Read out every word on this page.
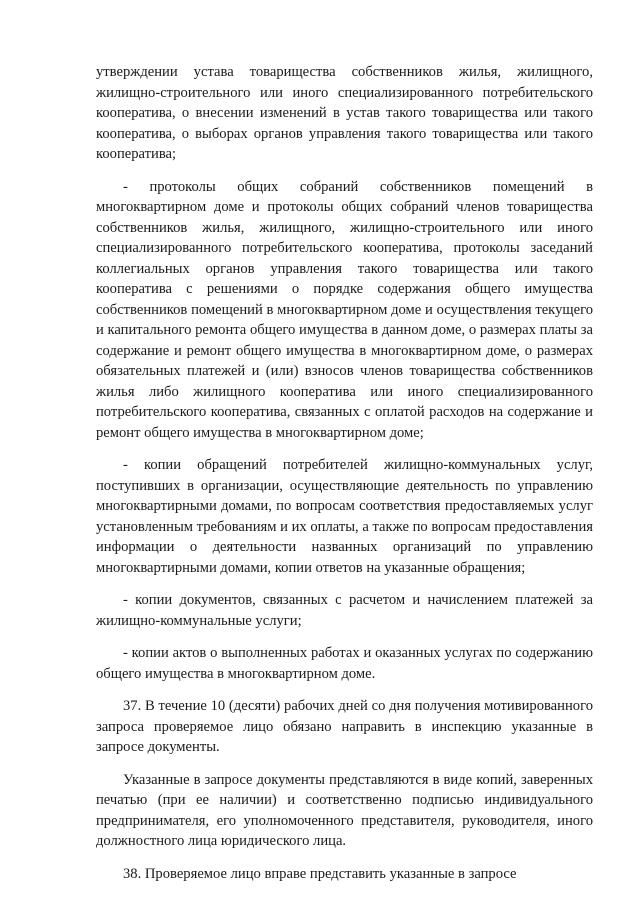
утверждении устава товарищества собственников жилья, жилищного, жилищно-строительного или иного специализированного потребительского кооператива, о внесении изменений в устав такого товарищества или такого кооператива, о выборах органов управления такого товарищества или такого кооператива;

- протоколы общих собраний собственников помещений в многоквартирном доме и протоколы общих собраний членов товарищества собственников жилья, жилищного, жилищно-строительного или иного специализированного потребительского кооператива, протоколы заседаний коллегиальных органов управления такого товарищества или такого кооператива с решениями о порядке содержания общего имущества собственников помещений в многоквартирном доме и осуществления текущего и капитального ремонта общего имущества в данном доме, о размерах платы за содержание и ремонт общего имущества в многоквартирном доме, о размерах обязательных платежей и (или) взносов членов товарищества собственников жилья либо жилищного кооператива или иного специализированного потребительского кооператива, связанных с оплатой расходов на содержание и ремонт общего имущества в многоквартирном доме;

- копии обращений потребителей жилищно-коммунальных услуг, поступивших в организации, осуществляющие деятельность по управлению многоквартирными домами, по вопросам соответствия предоставляемых услуг установленным требованиям и их оплаты, а также по вопросам предоставления информации о деятельности названных организаций по управлению многоквартирными домами, копии ответов на указанные обращения;

- копии документов, связанных с расчетом и начислением платежей за жилищно-коммунальные услуги;

- копии актов о выполненных работах и оказанных услугах по содержанию общего имущества в многоквартирном доме.

37. В течение 10 (десяти) рабочих дней со дня получения мотивированного запроса проверяемое лицо обязано направить в инспекцию указанные в запросе документы.

Указанные в запросе документы представляются в виде копий, заверенных печатью (при ее наличии) и соответственно подписью индивидуального предпринимателя, его уполномоченного представителя, руководителя, иного должностного лица юридического лица.

38. Проверяемое лицо вправе представить указанные в запросе
